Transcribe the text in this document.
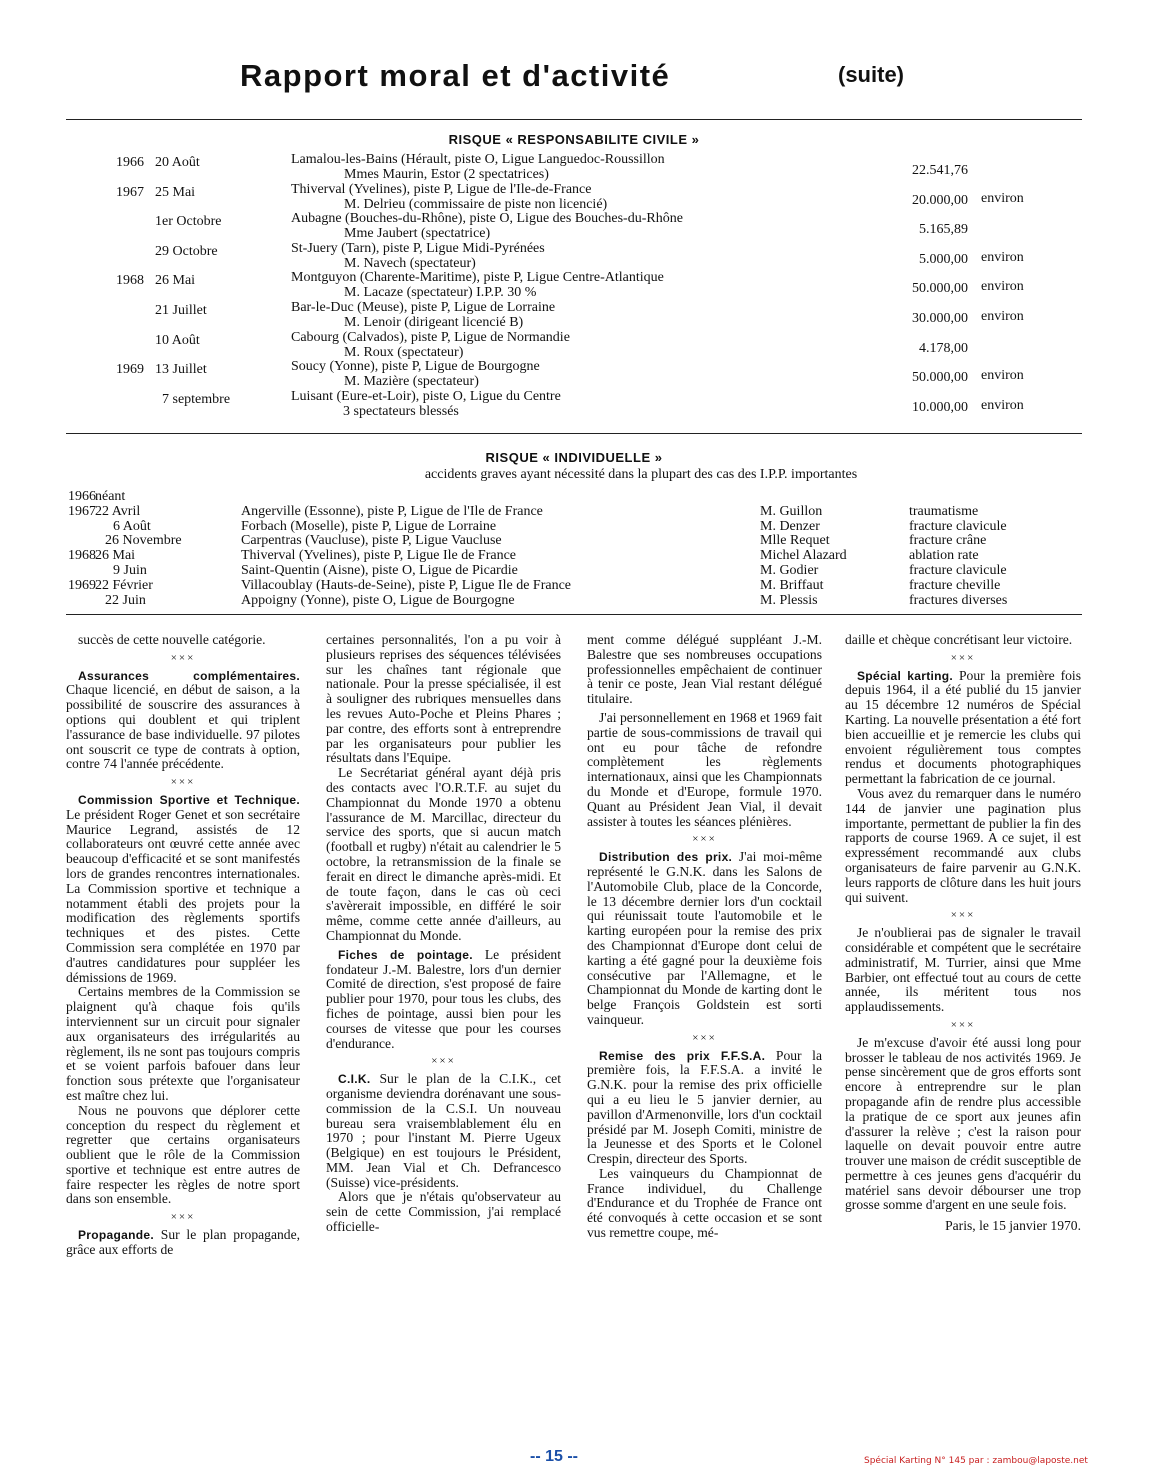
Rapport moral et d'activité	(suite)
RISQUE « RESPONSABILITE CIVILE »
1966 20 Août	Lamalou-les-Bains (Hérault, piste O, Ligue Languedoc-Roussillon
Mmes Maurin, Estor (2 spectatrices)	22.541,76
1967 25 Mai	Thiverval (Yvelines), piste P, Ligue de l'Ile-de-France
M. Delrieu (commissaire de piste non licencié)	20.000,00 environ
1er Octobre	Aubagne (Bouches-du-Rhône), piste O, Ligue des Bouches-du-Rhône
Mme Jaubert (spectatrice)	5.165,89
29 Octobre	St-Juery (Tarn), piste P, Ligue Midi-Pyrénées
M. Navech (spectateur)	5.000,00 environ
1968 26 Mai	Montguyon (Charente-Maritime), piste P, Ligue Centre-Atlantique
M. Lacaze (spectateur) I.P.P. 30 %	50.000,00 environ
21 Juillet	Bar-le-Duc (Meuse), piste P, Ligue de Lorraine
M. Lenoir (dirigeant licencié B)	30.000,00 environ
10 Août	Cabourg (Calvados), piste P, Ligue de Normandie
M. Roux (spectateur)	4.178,00
1969 13 Juillet	Soucy (Yonne), piste P, Ligue de Bourgogne
M. Mazière (spectateur)	50.000,00 environ
7 septembre	Luisant (Eure-et-Loir), piste O, Ligue du Centre
3 spectateurs blessés	10.000,00 environ
RISQUE « INDIVIDUELLE »
accidents graves ayant nécessité dans la plupart des cas des I.P.P. importantes
1966 néant
1967 22 Avril	Angerville (Essonne), piste P, Ligue de l'Ile de France	M. Guillon	traumatisme
6 Août	Forbach (Moselle), piste P, Ligue de Lorraine	M. Denzer	fracture clavicule
26 Novembre	Carpentras (Vaucluse), piste P, Ligue Vaucluse	Mlle Requet	fracture crâne
1968 26 Mai	Thiverval (Yvelines), piste P, Ligue Ile de France	Michel Alazard	ablation rate
9 Juin	Saint-Quentin (Aisne), piste O, Ligue de Picardie	M. Godier	fracture clavicule
1969 22 Février	Villacoublay (Hauts-de-Seine), piste P, Ligue Ile de France	M. Briffaut	fracture cheville
22 Juin	Appoigny (Yonne), piste O, Ligue de Bourgogne	M. Plessis	fractures diverses

succès de cette nouvelle catégorie.

×××

Assurances complémentaires. Chaque licencié, en début de saison, a la possibilité de souscrire des assurances à options qui doublent et qui triplent l'assurance de base individuelle. 97 pilotes ont souscrit ce type de contrats à option, contre 74 l'année précédente.

×××

Commission Sportive et Technique. Le président Roger Genet et son secrétaire Maurice Legrand, assistés de 12 collaborateurs ont œuvré cette année avec beaucoup d'efficacité et se sont manifestés lors de grandes rencontres internationales. La Commission sportive et technique a notamment établi des projets pour la modification des règlements sportifs techniques et des pistes. Cette Commission sera complétée en 1970 par d'autres candidatures pour suppléer les démissions de 1969.

Certains membres de la Commission se plaignent qu'à chaque fois qu'ils interviennent sur un circuit pour signaler aux organisateurs des irrégularités au règlement, ils ne sont pas toujours compris et se voient parfois bafouer dans leur fonction sous prétexte que l'organisateur est maître chez lui.

Nous ne pouvons que déplorer cette conception du respect du règlement et regretter que certains organisateurs oublient que le rôle de la Commission sportive et technique est entre autres de faire respecter les règles de notre sport dans son ensemble.

×××

Propagande. Sur le plan propagande, grâce aux efforts de

certaines personnalités, l'on a pu voir à plusieurs reprises des séquences télévisées sur les chaînes tant régionale que nationale. Pour la presse spécialisée, il est à souligner des rubriques mensuelles dans les revues Auto-Poche et Pleins Phares ; par contre, des efforts sont à entreprendre par les organisateurs pour publier les résultats dans l'Equipe.

Le Secrétariat général ayant déjà pris des contacts avec l'O.R.T.F. au sujet du Championnat du Monde 1970 a obtenu l'assurance de M. Marcillac, directeur du service des sports, que si aucun match (football et rugby) n'était au calendrier le 5 octobre, la retransmission de la finale se ferait en direct le dimanche après-midi. Et de toute façon, dans le cas où ceci s'avèrerait impossible, en différé le soir même, comme cette année d'ailleurs, au Championnat du Monde.

Fiches de pointage. Le président fondateur J.-M. Balestre, lors d'un dernier Comité de direction, s'est proposé de faire publier pour 1970, pour tous les clubs, des fiches de pointage, aussi bien pour les courses de vitesse que pour les courses d'endurance.

×××

C.I.K. Sur le plan de la C.I.K., cet organisme deviendra dorénavant une sous-commission de la C.S.I. Un nouveau bureau sera vraisemblablement élu en 1970 ; pour l'instant M. Pierre Ugeux (Belgique) en est toujours le Président, MM. Jean Vial et Ch. Defrancesco (Suisse) vice-présidents.

Alors que je n'étais qu'observateur au sein de cette Commission, j'ai remplacé officielle-

ment comme délégué suppléant J.-M. Balestre que ses nombreuses occupations professionnelles empêchaient de continuer à tenir ce poste, Jean Vial restant délégué titulaire.

J'ai personnellement en 1968 et 1969 fait partie de sous-commissions de travail qui ont eu pour tâche de refondre complètement les règlements internationaux, ainsi que les Championnats du Monde et d'Europe, formule 1970. Quant au Président Jean Vial, il devait assister à toutes les séances plénières.

×××

Distribution des prix. J'ai moi-même représenté le G.N.K. dans les Salons de l'Automobile Club, place de la Concorde, le 13 décembre dernier lors d'un cocktail qui réunissait toute l'automobile et le karting européen pour la remise des prix des Championnat d'Europe dont celui de karting a été gagné pour la deuxième fois consécutive par l'Allemagne, et le Championnat du Monde de karting dont le belge François Goldstein est sorti vainqueur.

×××

Remise des prix F.F.S.A. Pour la première fois, la F.F.S.A. a invité le G.N.K. pour la remise des prix officielle qui a eu lieu le 5 janvier dernier, au pavillon d'Armenonville, lors d'un cocktail présidé par M. Joseph Comiti, ministre de la Jeunesse et des Sports et le Colonel Crespin, directeur des Sports.

Les vainqueurs du Championnat de France individuel, du Challenge d'Endurance et du Trophée de France ont été convoqués à cette occasion et se sont vus remettre coupe, mé-

daille et chèque concrétisant leur victoire.

×××

Spécial karting. Pour la première fois depuis 1964, il a été publié du 15 janvier au 15 décembre 12 numéros de Spécial Karting. La nouvelle présentation a été fort bien accueillie et je remercie les clubs qui envoient régulièrement tous comptes rendus et documents photographiques permettant la fabrication de ce journal.

Vous avez du remarquer dans le numéro 144 de janvier une pagination plus importante, permettant de publier la fin des rapports de course 1969. A ce sujet, il est expressément recommandé aux clubs organisateurs de faire parvenir au G.N.K. leurs rapports de clôture dans les huit jours qui suivent.

×××

Je n'oublierai pas de signaler le travail considérable et compétent que le secrétaire administratif, M. Turrier, ainsi que Mme Barbier, ont effectué tout au cours de cette année, ils méritent tous nos applaudissements.

×××

Je m'excuse d'avoir été aussi long pour brosser le tableau de nos activités 1969. Je pense sincèrement que de gros efforts sont encore à entreprendre sur le plan propagande afin de rendre plus accessible la pratique de ce sport aux jeunes afin d'assurer la relève ; c'est la raison pour laquelle on devait pouvoir entre autre trouver une maison de crédit susceptible de permettre à ces jeunes gens d'acquérir du matériel sans devoir débourser une trop grosse somme d'argent en une seule fois.

Paris, le 15 janvier 1970.

-- 15 --	Spécial Karting N° 145 par : zambou@laposte.net
